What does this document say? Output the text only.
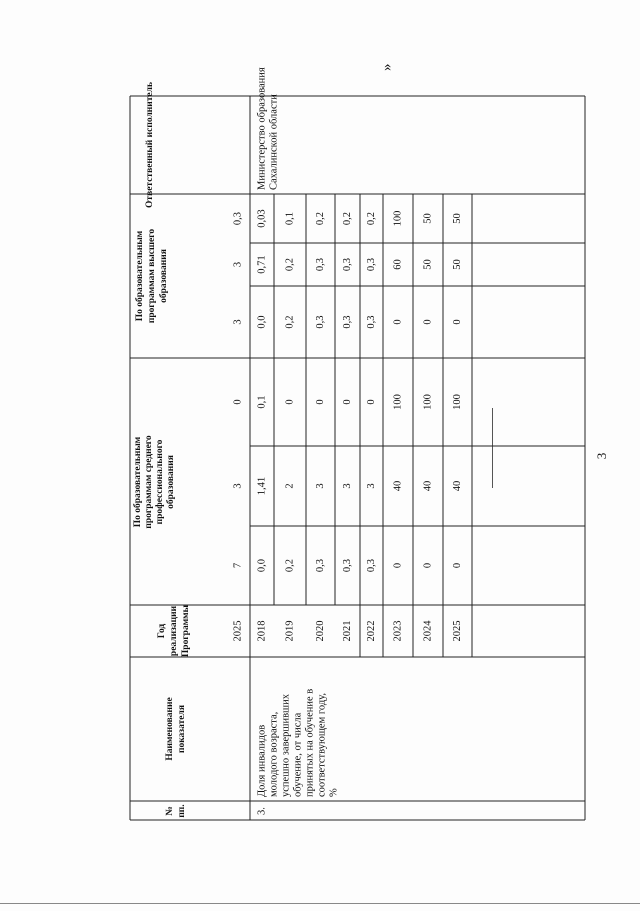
3
»
№ пп.
Наименование показателя
Год реализации Программы
По образовательным программам среднего профессионального образования
По образовательным программам высшего образования
Ответственный исполнитель
2025
7
3
0
3
3
0,3
3.
Доля инвалидов молодого возраста, успешно завершивших обучение, от числа принятых на обучение в соответствующем году, %
2018
0,0
1,41
0,1
0,0
0,71
0,03
2019
0,2
2
0
0,2
0,2
0,1
2020
0,3
3
0
0,3
0,3
0,2
2021
0,3
3
0
0,3
0,3
0,2
2022
0,3
3
0
0,3
0,3
0,2
2023
0
40
100
0
60
100
2024
0
40
100
0
50
50
2025
0
40
100
0
50
50
Министерство образования Сахалинской области
